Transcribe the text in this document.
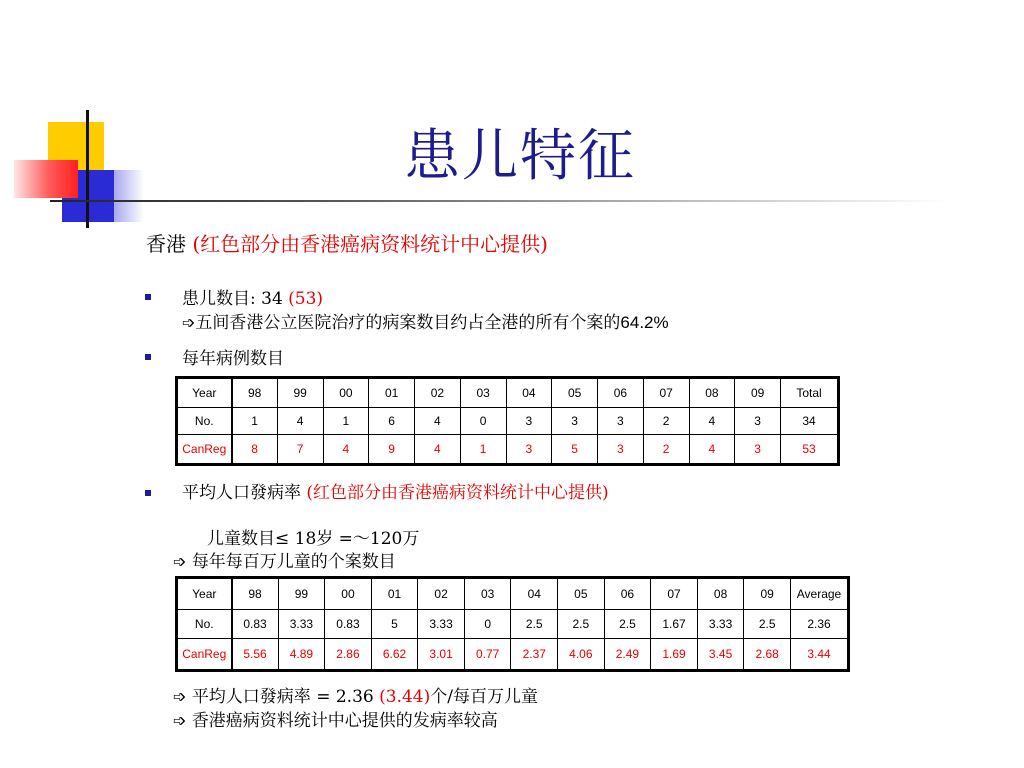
患儿特征
香港 (红色部分由香港癌病资料统计中心提供)
患儿数目: 34 (53)
➩五间香港公立医院治疗的病案数目约占全港的所有个案的64.2%
每年病例数目
Year	98	99	00	01	02	03	04	05	06	07	08	09	Total
No.	1	4	1	6	4	0	3	3	3	2	4	3	34
CanReg	8	7	4	9	4	1	3	5	3	2	4	3	53
平均人口發病率 (红色部分由香港癌病资料统计中心提供)
儿童数目≤ 18岁 =～120万
➩ 每年每百万儿童的个案数目
Year	98	99	00	01	02	03	04	05	06	07	08	09	Average
No.	0.83	3.33	0.83	5	3.33	0	2.5	2.5	2.5	1.67	3.33	2.5	2.36
CanReg	5.56	4.89	2.86	6.62	3.01	0.77	2.37	4.06	2.49	1.69	3.45	2.68	3.44
➩ 平均人口發病率 = 2.36 (3.44)个/每百万儿童
➩ 香港癌病资料统计中心提供的发病率较高
